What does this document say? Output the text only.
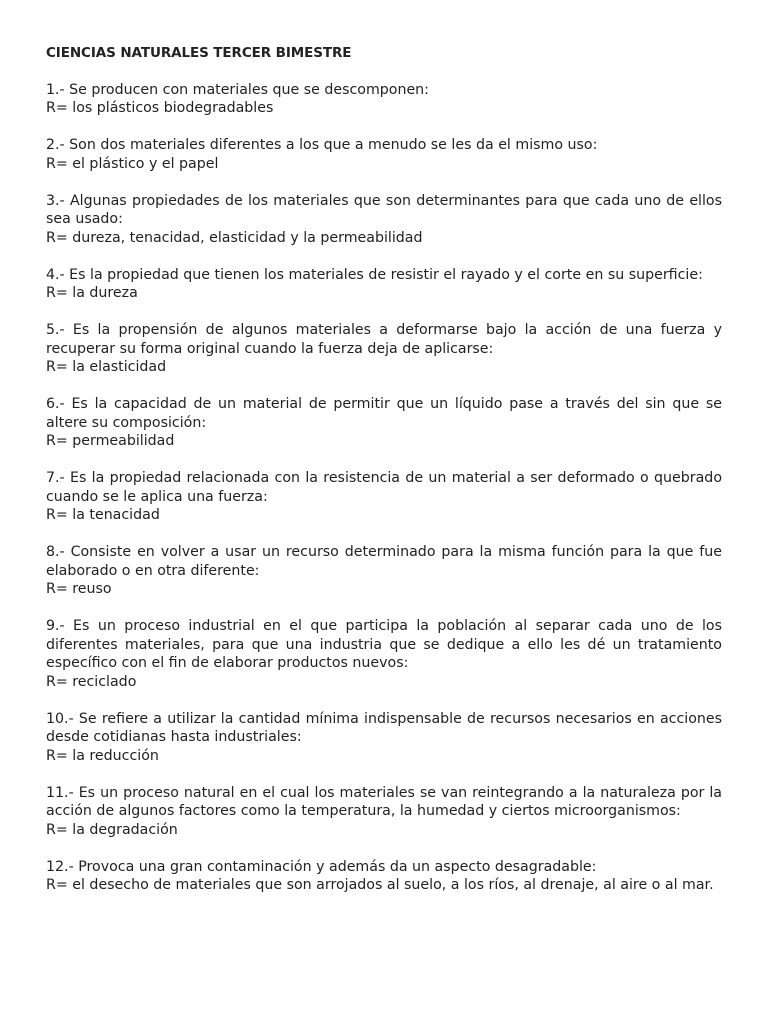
CIENCIAS NATURALES TERCER BIMESTRE

1.- Se producen con materiales que se descomponen:

R= los plásticos biodegradables

2.- Son dos materiales diferentes a los que a menudo se les da el mismo uso:

R= el plástico y el papel

3.- Algunas propiedades de los materiales que son determinantes para que cada uno de ellos sea usado:

R= dureza, tenacidad, elasticidad y la permeabilidad

4.- Es la propiedad que tienen los materiales de resistir el rayado y el corte en su superficie:

R= la dureza

5.- Es la propensión de algunos materiales a deformarse bajo la acción de una fuerza y recuperar su forma original cuando la fuerza deja de aplicarse:

R= la elasticidad

6.- Es la capacidad de un material de permitir que un líquido pase a través del sin que se altere su composición:

R= permeabilidad

7.- Es la propiedad relacionada con la resistencia de un material a ser deformado o quebrado cuando se le aplica una fuerza:

R= la tenacidad

8.- Consiste en volver a usar un recurso determinado para la misma función para la que fue elaborado o en otra diferente:

R= reuso

9.- Es un proceso industrial en el que participa la población al separar cada uno de los diferentes materiales, para que una industria que se dedique a ello les dé un tratamiento específico con el fin de elaborar productos nuevos:

R= reciclado

10.- Se refiere a utilizar la cantidad mínima indispensable de recursos necesarios en acciones desde cotidianas hasta industriales:

R= la reducción

11.- Es un proceso natural en el cual los materiales se van reintegrando a la naturaleza por la acción de algunos factores como la temperatura, la humedad y ciertos microorganismos:

R= la degradación

12.- Provoca una gran contaminación y además da un aspecto desagradable:

R= el desecho de materiales que son arrojados al suelo, a los ríos, al drenaje, al aire o al mar.
